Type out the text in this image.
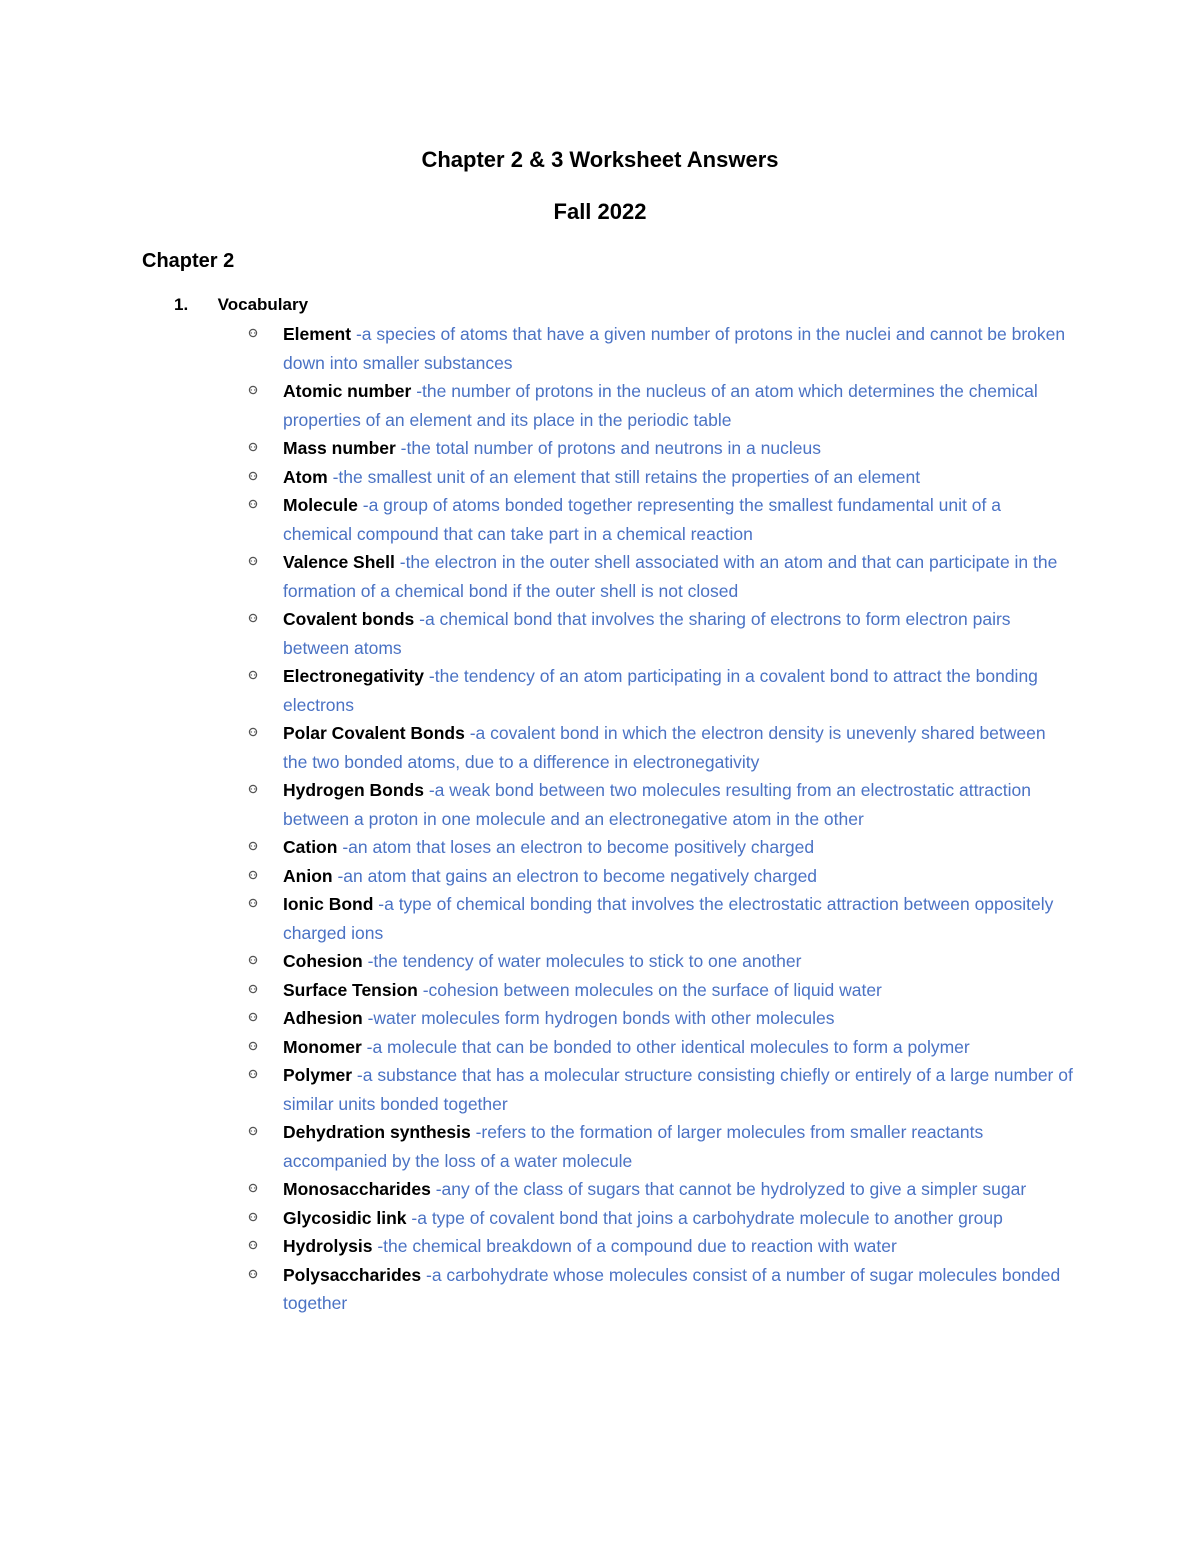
Chapter 2 & 3 Worksheet Answers
Fall 2022
Chapter 2
1. Vocabulary
Element -a species of atoms that have a given number of protons in the nuclei and cannot be broken down into smaller substances
Atomic number -the number of protons in the nucleus of an atom which determines the chemical properties of an element and its place in the periodic table
Mass number -the total number of protons and neutrons in a nucleus
Atom -the smallest unit of an element that still retains the properties of an element
Molecule -a group of atoms bonded together representing the smallest fundamental unit of a chemical compound that can take part in a chemical reaction
Valence Shell -the electron in the outer shell associated with an atom and that can participate in the formation of a chemical bond if the outer shell is not closed
Covalent bonds -a chemical bond that involves the sharing of electrons to form electron pairs between atoms
Electronegativity -the tendency of an atom participating in a covalent bond to attract the bonding electrons
Polar Covalent Bonds -a covalent bond in which the electron density is unevenly shared between the two bonded atoms, due to a difference in electronegativity
Hydrogen Bonds -a weak bond between two molecules resulting from an electrostatic attraction between a proton in one molecule and an electronegative atom in the other
Cation -an atom that loses an electron to become positively charged
Anion -an atom that gains an electron to become negatively charged
Ionic Bond -a type of chemical bonding that involves the electrostatic attraction between oppositely charged ions
Cohesion -the tendency of water molecules to stick to one another
Surface Tension -cohesion between molecules on the surface of liquid water
Adhesion -water molecules form hydrogen bonds with other molecules
Monomer -a molecule that can be bonded to other identical molecules to form a polymer
Polymer -a substance that has a molecular structure consisting chiefly or entirely of a large number of similar units bonded together
Dehydration synthesis -refers to the formation of larger molecules from smaller reactants accompanied by the loss of a water molecule
Monosaccharides -any of the class of sugars that cannot be hydrolyzed to give a simpler sugar
Glycosidic link -a type of covalent bond that joins a carbohydrate molecule to another group
Hydrolysis -the chemical breakdown of a compound due to reaction with water
Polysaccharides -a carbohydrate whose molecules consist of a number of sugar molecules bonded together
